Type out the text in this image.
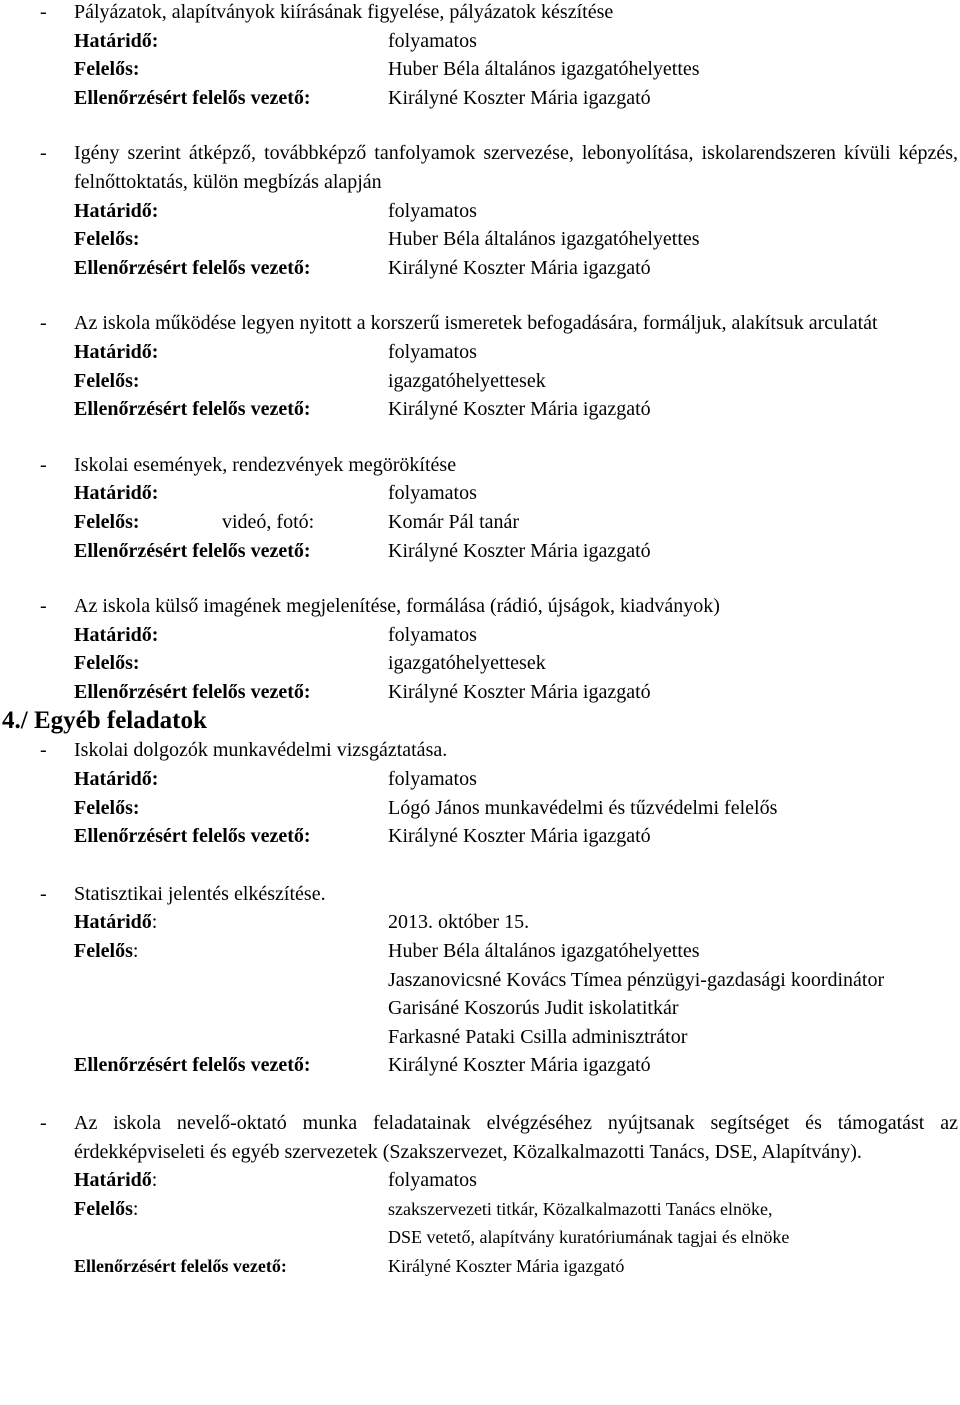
- Pályázatok, alapítványok kiírásának figyelése, pályázatok készítése
Határidő:	folyamatos
Felelős:	Huber Béla általános igazgatóhelyettes
Ellenőrzésért felelős vezető:	Királyné Koszter Mária igazgató
- Igény szerint átképző, továbbképző tanfolyamok szervezése, lebonyolítása, iskolarendszeren kívüli képzés, felnőttoktatás, külön megbízás alapján
Határidő:	folyamatos
Felelős:	Huber Béla általános igazgatóhelyettes
Ellenőrzésért felelős vezető:	Királyné Koszter Mária igazgató
- Az iskola működése legyen nyitott a korszerű ismeretek befogadására, formáljuk, alakítsuk arculatát
Határidő:	folyamatos
Felelős:	igazgatóhelyettesek
Ellenőrzésért felelős vezető:	Királyné Koszter Mária igazgató
- Iskolai események, rendezvények megörökítése
Határidő:	folyamatos
Felelős:	videó, fotó:	Komár Pál tanár
Ellenőrzésért felelős vezető:	Királyné Koszter Mária igazgató
- Az iskola külső imagének megjelenítése, formálása (rádió, újságok, kiadványok)
Határidő:	folyamatos
Felelős:	igazgatóhelyettesek
Ellenőrzésért felelős vezető:	Királyné Koszter Mária igazgató
4./ Egyéb feladatok
- Iskolai dolgozók munkavédelmi vizsgáztatása.
Határidő:	folyamatos
Felelős:	Lógó János munkavédelmi és tűzvédelmi felelős
Ellenőrzésért felelős vezető:	Királyné Koszter Mária igazgató
- Statisztikai jelentés elkészítése.
Határidő:	2013. október 15.
Felelős:	Huber Béla általános igazgatóhelyettes
Jaszanovicsné Kovács Tímea pénzügyi-gazdasági koordinátor
Garisáné Koszorús Judit iskolatitkár
Farkasné Pataki Csilla adminisztrátor
Ellenőrzésért felelős vezető:	Királyné Koszter Mária igazgató
- Az iskola nevelő-oktató munka feladatainak elvégzéséhez nyújtsanak segítséget és támogatást az érdekképviseleti és egyéb szervezetek (Szakszervezet, Közalkalmazotti Tanács, DSE, Alapítvány).
Határidő:	folyamatos
Felelős:	szakszervezeti titkár, Közalkalmazotti Tanács elnöke,
DSE vetető, alapítvány kuratóriumának tagjai és elnöke
Ellenőrzésért felelős vezető:	Királyné Koszter Mária igazgató
